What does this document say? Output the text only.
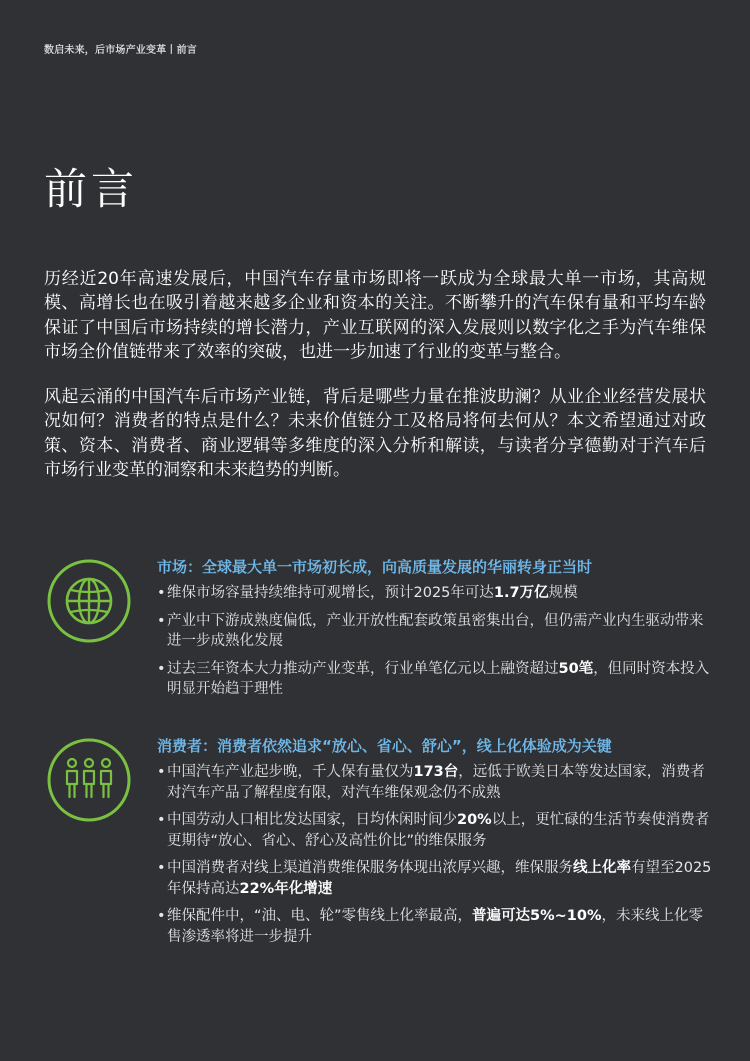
数启未来，后市场产业变革丨前言
前言

历经近20年高速发展后，中国汽车存量市场即将一跃成为全球最大单一市场，其高规模、高增长也在吸引着越来越多企业和资本的关注。不断攀升的汽车保有量和平均车龄保证了中国后市场持续的增长潜力，产业互联网的深入发展则以数字化之手为汽车维保市场全价值链带来了效率的突破，也进一步加速了行业的变革与整合。

风起云涌的中国汽车后市场产业链，背后是哪些力量在推波助澜？从业企业经营发展状况如何？消费者的特点是什么？未来价值链分工及格局将何去何从？本文希望通过对政策、资本、消费者、商业逻辑等多维度的深入分析和解读，与读者分享德勤对于汽车后市场行业变革的洞察和未来趋势的判断。

市场：全球最大单一市场初长成，向高质量发展的华丽转身正当时
• 维保市场容量持续维持可观增长，预计2025年可达1.7万亿规模
• 产业中下游成熟度偏低，产业开放性配套政策虽密集出台，但仍需产业内生驱动带来进一步成熟化发展
• 过去三年资本大力推动产业变革，行业单笔亿元以上融资超过50笔，但同时资本投入明显开始趋于理性
消费者：消费者依然追求“放心、省心、舒心”，线上化体验成为关键
• 中国汽车产业起步晚，千人保有量仅为173台，远低于欧美日本等发达国家，消费者对汽车产品了解程度有限，对汽车维保观念仍不成熟
• 中国劳动人口相比发达国家，日均休闲时间少20%以上，更忙碌的生活节奏使消费者更期待“放心、省心、舒心及高性价比”的维保服务
• 中国消费者对线上渠道消费维保服务体现出浓厚兴趣，维保服务线上化率有望至2025年保持高达22%年化增速
• 维保配件中，“油、电、轮”零售线上化率最高，普遍可达5%~10%，未来线上化零售渗透率将进一步提升
